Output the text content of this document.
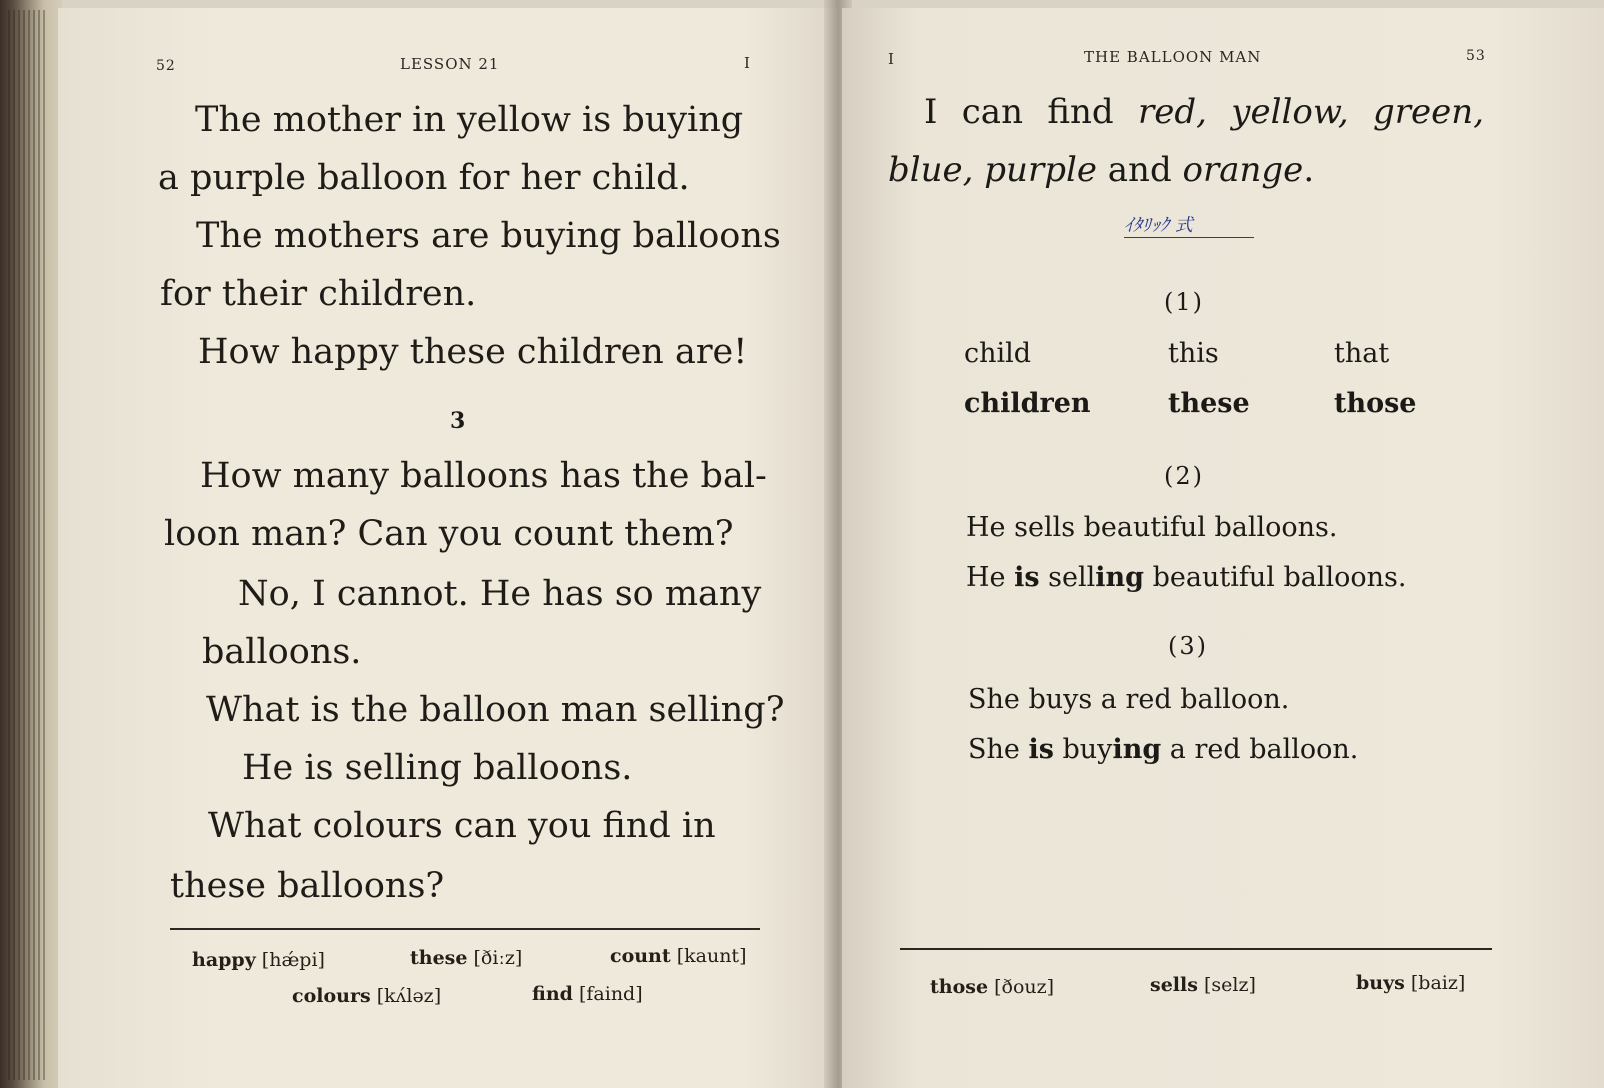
52	LESSON 21	I
The mother in yellow is buying
a purple balloon for her child.
The mothers are buying balloons
for their children.
How happy these children are!
3
How many balloons has the bal-
loon man? Can you count them?
No, I cannot. He has so many
balloons.
What is the balloon man selling?
He is selling balloons.
What colours can you find in
these balloons?
happy [hǽpi]	these [ðiːz]	count [kaunt]
colours [kʌ́ləz]	find [faind]
I	THE BALLOON MAN	53
I can find red, yellow, green,
blue, purple and orange.
ｲﾀﾘｯｸ 式
(1)
child	this	that
children	these	those
(2)
He sells beautiful balloons.
He is selling beautiful balloons.
(3)
She buys a red balloon.
She is buying a red balloon.
those [ðouz]	sells [selz]	buys [baiz]
